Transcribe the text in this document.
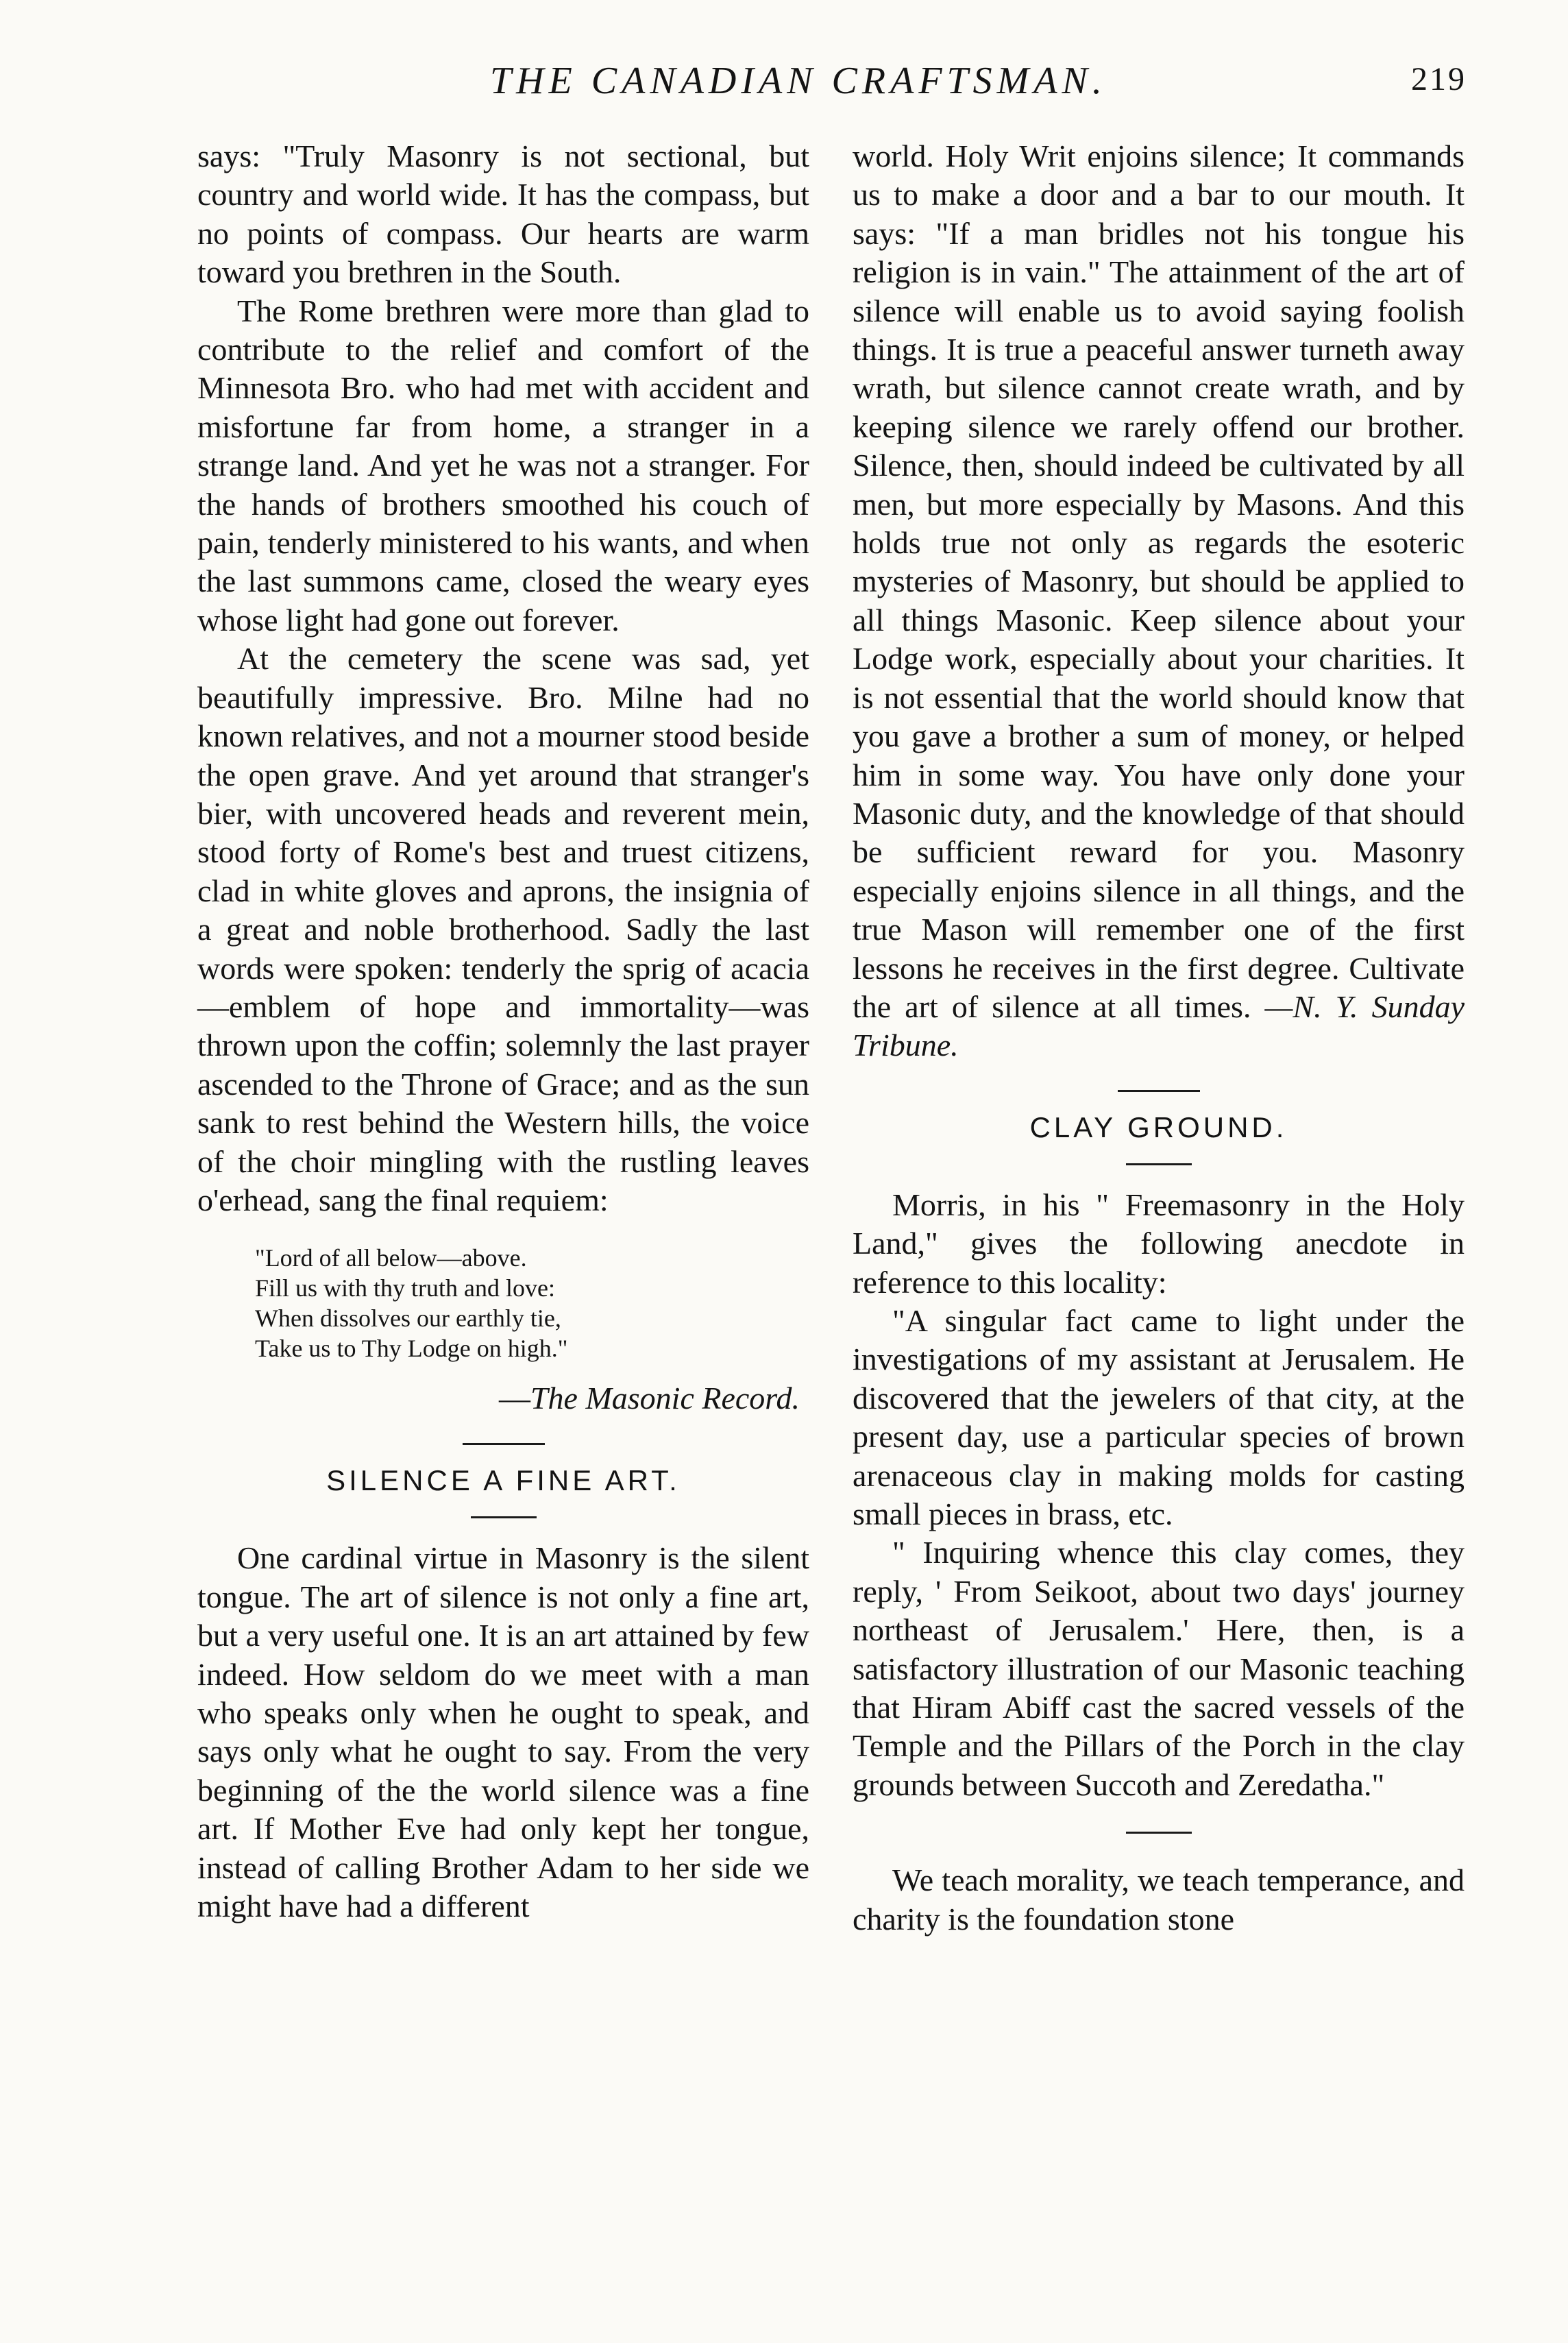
THE CANADIAN CRAFTSMAN.	219

says: "Truly Masonry is not sectional, but country and world wide. It has the compass, but no points of compass. Our hearts are warm toward you brethren in the South.

The Rome brethren were more than glad to contribute to the relief and comfort of the Minnesota Bro. who had met with accident and misfortune far from home, a stranger in a strange land. And yet he was not a stranger. For the hands of brothers smoothed his couch of pain, tenderly ministered to his wants, and when the last summons came, closed the weary eyes whose light had gone out forever.

At the cemetery the scene was sad, yet beautifully impressive. Bro. Milne had no known relatives, and not a mourner stood beside the open grave. And yet around that stranger's bier, with uncovered heads and reverent mein, stood forty of Rome's best and truest citizens, clad in white gloves and aprons, the insignia of a great and noble brotherhood. Sadly the last words were spoken: tenderly the sprig of acacia—emblem of hope and immortality—was thrown upon the coffin; solemnly the last prayer ascended to the Throne of Grace; and as the sun sank to rest behind the Western hills, the voice of the choir mingling with the rustling leaves o'erhead, sang the final requiem:

"Lord of all below—above.
Fill us with thy truth and love:
When dissolves our earthly tie,
Take us to Thy Lodge on high."
—The Masonic Record.
SILENCE A FINE ART.

One cardinal virtue in Masonry is the silent tongue. The art of silence is not only a fine art, but a very useful one. It is an art attained by few indeed. How seldom do we meet with a man who speaks only when he ought to speak, and says only what he ought to say. From the very beginning of the the world silence was a fine art. If Mother Eve had only kept her tongue, instead of calling Brother Adam to her side we might have had a different

world. Holy Writ enjoins silence; It commands us to make a door and a bar to our mouth. It says: "If a man bridles not his tongue his religion is in vain." The attainment of the art of silence will enable us to avoid saying foolish things. It is true a peaceful answer turneth away wrath, but silence cannot create wrath, and by keeping silence we rarely offend our brother. Silence, then, should indeed be cultivated by all men, but more especially by Masons. And this holds true not only as regards the esoteric mysteries of Masonry, but should be applied to all things Masonic. Keep silence about your Lodge work, especially about your charities. It is not essential that the world should know that you gave a brother a sum of money, or helped him in some way. You have only done your Masonic duty, and the knowledge of that should be sufficient reward for you. Masonry especially enjoins silence in all things, and the true Mason will remember one of the first lessons he receives in the first degree. Cultivate the art of silence at all times. —N. Y. Sunday Tribune.

CLAY GROUND.

Morris, in his " Freemasonry in the Holy Land," gives the following anecdote in reference to this locality:

"A singular fact came to light under the investigations of my assistant at Jerusalem. He discovered that the jewelers of that city, at the present day, use a particular species of brown arenaceous clay in making molds for casting small pieces in brass, etc.

" Inquiring whence this clay comes, they reply, ' From Seikoot, about two days' journey northeast of Jerusalem.' Here, then, is a satisfactory illustration of our Masonic teaching that Hiram Abiff cast the sacred vessels of the Temple and the Pillars of the Porch in the clay grounds between Succoth and Zeredatha."

We teach morality, we teach temperance, and charity is the foundation stone
